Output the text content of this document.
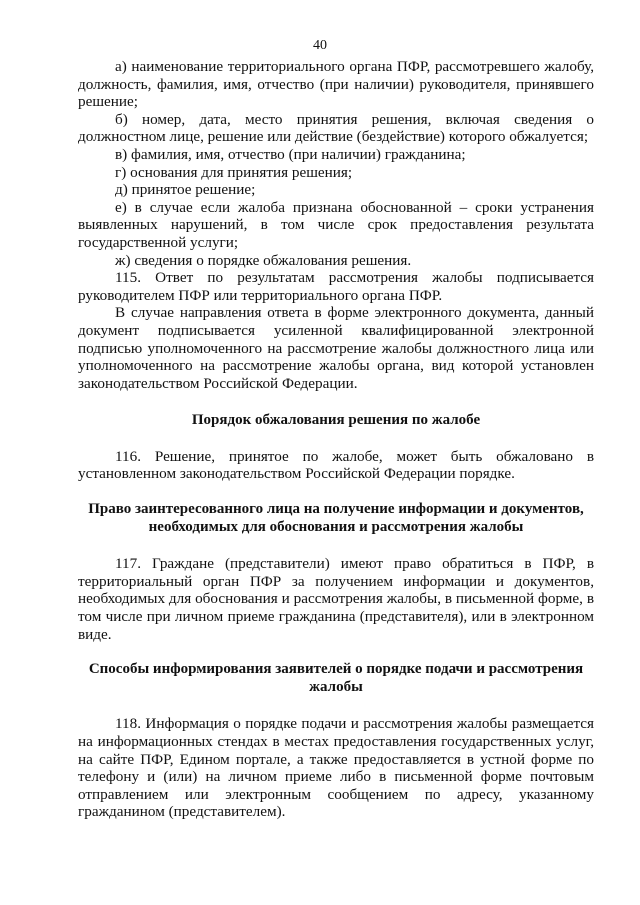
40

а) наименование территориального органа ПФР, рассмотревшего жалобу, должность, фамилия, имя, отчество (при наличии) руководителя, принявшего решение;

б) номер, дата, место принятия решения, включая сведения о должностном лице, решение или действие (бездействие) которого обжалуется;

в) фамилия, имя, отчество (при наличии) гражданина;

г) основания для принятия решения;

д) принятое решение;

е) в случае если жалоба признана обоснованной – сроки устранения выявленных нарушений, в том числе срок предоставления результата государственной услуги;

ж) сведения о порядке обжалования решения.

115. Ответ по результатам рассмотрения жалобы подписывается руководителем ПФР или территориального органа ПФР.

В случае направления ответа в форме электронного документа, данный документ подписывается усиленной квалифицированной электронной подписью уполномоченного на рассмотрение жалобы должностного лица или уполномоченного на рассмотрение жалобы органа, вид которой установлен законодательством Российской Федерации.

Порядок обжалования решения по жалобе

116. Решение, принятое по жалобе, может быть обжаловано в установленном законодательством Российской Федерации порядке.

Право заинтересованного лица на получение информации и документов,

необходимых для обоснования и рассмотрения жалобы

117. Граждане (представители) имеют право обратиться в ПФР, в территориальный орган ПФР за получением информации и документов, необходимых для обоснования и рассмотрения жалобы, в письменной форме, в том числе при личном приеме гражданина (представителя), или в электронном виде.

Способы информирования заявителей о порядке подачи и рассмотрения

жалобы

118. Информация о порядке подачи и рассмотрения жалобы размещается на информационных стендах в местах предоставления государственных услуг, на сайте ПФР, Едином портале, а также предоставляется в устной форме по телефону и (или) на личном приеме либо в письменной форме почтовым отправлением или электронным сообщением по адресу, указанному гражданином (представителем).
